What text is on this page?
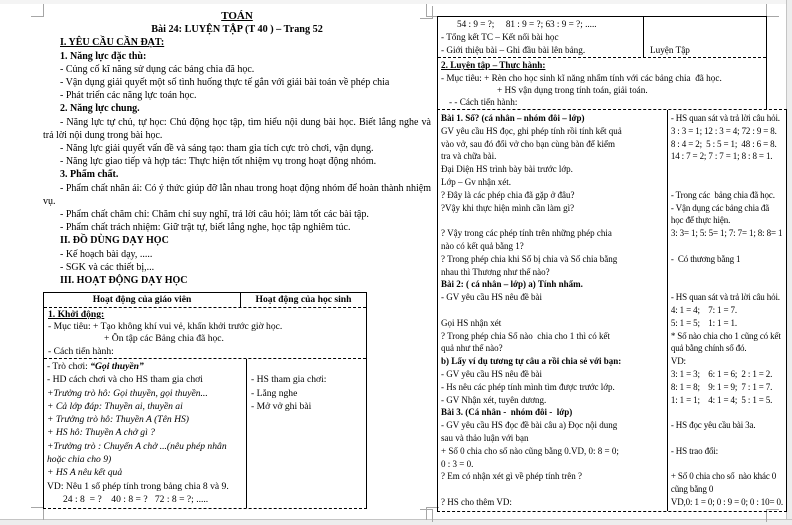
TOÁN
Bài 24: LUYỆN TẬP (T 40 ) – Trang 52
I. YÊU CẦU CẦN ĐẠT:
1. Năng lực đặc thù:
- Củng cố kĩ năng sử dụng các bảng chia đã học.
- Vận dụng giải quyết một số tình huống thực tế gắn với giải bài toán về phép chia
- Phát triển các năng lực toán học.
2. Năng lực chung.
- Năng lực tự chủ, tự học: Chủ động học tập, tìm hiểu nội dung bài học. Biết lắng nghe và trả lời nội dung trong bài học.
- Năng lực giải quyết vấn đề và sáng tạo: tham gia tích cực trò chơi, vận dụng.
- Năng lực giao tiếp và hợp tác: Thực hiện tốt nhiệm vụ trong hoạt động nhóm.
3. Phẩm chất.
- Phẩm chất nhân ái: Có ý thức giúp đỡ lẫn nhau trong hoạt động nhóm để hoàn thành nhiệm vụ.
- Phẩm chất chăm chỉ: Chăm chỉ suy nghĩ, trả lời câu hỏi; làm tốt các bài tập.
- Phẩm chất trách nhiệm: Giữ trật tự, biết lắng nghe, học tập nghiêm túc.
II. ĐỒ DÙNG DẠY HỌC
- Kế hoạch bài dạy, .....
- SGK và các thiết bị,...
III. HOẠT ĐỘNG DẠY HỌC
Hoạt động của giáo viên	Hoạt động của học sinh
1. Khởi động:
- Mục tiêu: + Tạo không khí vui vẻ, khấn khởi trước giờ học.
+ Ôn tập các Bảng chia đã học.
- Cách tiến hành:
- Trò chơi: “Gọi thuyền”
- HD cách chơi và cho HS tham gia chơi
+Trưởng trò hô: Gọi thuyền, gọi thuyền...
+ Cả lớp đáp: Thuyền ai, thuyền ai
+ Trưởng trò hô: Thuyền A (Tên HS)
+ HS hô: Thuyền A chở gì ?
+Trưởng trò : Chuyến A chở ...(nêu phép nhân
hoặc chia cho 9)
+ HS A nêu kết quả
VD: Nêu 1 số phép tính trong bảng chia 8 và 9.
24 : 8  = ?    40 : 8 = ?   72 : 8 = ?; .....

- HS tham gia chơi:
- Lắng nghe
- Mở vở ghi bài
54 : 9 = ?;     81 : 9 = ?; 63 : 9 = ?; .....
- Tổng kết TC – Kết nối bài học
- Giới thiệu bài – Ghi đầu bài lên bảng.

	Luyện Tập
2. Luyện tập – Thực hành:
- Mục tiêu: + Rèn cho học sinh kĩ năng nhẩm tính với các bảng chia  đã học.
+ HS vận dụng trong tính toán, giải toán.
- - Cách tiến hành:
Bài 1. Số? (cá nhân – nhóm đôi – lớp)
GV yêu cầu HS đọc, ghi phép tính rồi tính kết quả
vào vở, sau đó đổi vở cho bạn cùng bàn để kiểm
tra và chữa bài.
Đại Diện HS trình bày bài trước lớp.
Lớp – Gv nhận xét.
? Đây là các phép chia đã gặp ở đâu?
?Vậy khi thực hiện mình cần làm gì?

? Vậy trong các phép tính trên những phép chia
nào có kết quả bằng 1?
? Trong phép chia khi Số bị chia và Số chia bằng
nhau thì Thương như thế nào?
Bài 2: ( cá nhân – lớp) a) Tính nhẩm.
- GV yêu cầu HS nêu đề bài

Gọi HS nhận xét
? Trong phép chia Số nào  chia cho 1 thì có kết
quả như thế nào?
b) Lấy ví dụ tương tự câu a rồi chia sẻ với bạn:
- GV yêu cầu HS nêu đề bài
- Hs nêu các phép tính mình tìm được trước lớp.
- GV Nhận xét, tuyên dương.
Bài 3. (Cá nhân -  nhóm đôi -  lớp)
- GV yêu cầu HS đọc đề bài câu a) Đọc nội dung
sau và thảo luận với bạn
+ Số 0 chia cho số nào cũng bằng 0.VD, 0: 8 = 0;
0 : 3 = 0.
? Em có nhận xét gì về phép tính trên ?

? HS cho thêm VD:
- HS quan sát và trả lời câu hỏi.
3 : 3 = 1; 12 : 3 = 4; 72 : 9 = 8.
8 : 4 = 2;  5 : 5 = 1;  48 : 6 = 8.
14 : 7 = 2; 7 : 7 = 1; 8 : 8 = 1.

- Trong các  bảng chia đã học.
- Vận dụng các bảng chia đã
học để thực hiện.
3: 3= 1; 5: 5= 1; 7: 7= 1; 8: 8= 1

-  Có thương bằng 1

- HS quan sát và trả lời câu hỏi.
4: 1 = 4;    7: 1 = 7.
5: 1 = 5;    1: 1 = 1.
* Số nào chia cho 1 cũng có kết
quả bằng chính số đó.
VD:
3: 1 = 3;    6: 1 = 6;  2 : 1 = 2.
8: 1 = 8;    9: 1 = 9;  7 : 1 = 7.
1: 1 = 1;    4: 1 = 4;  5 : 1 = 5.

- HS đọc yêu cầu bài 3a.

- HS trao đổi:

+ Số 0 chia cho số  nào khác 0
cũng bằng 0
VD,0: 1 = 0; 0 : 9 = 0; 0 : 10= 0.
